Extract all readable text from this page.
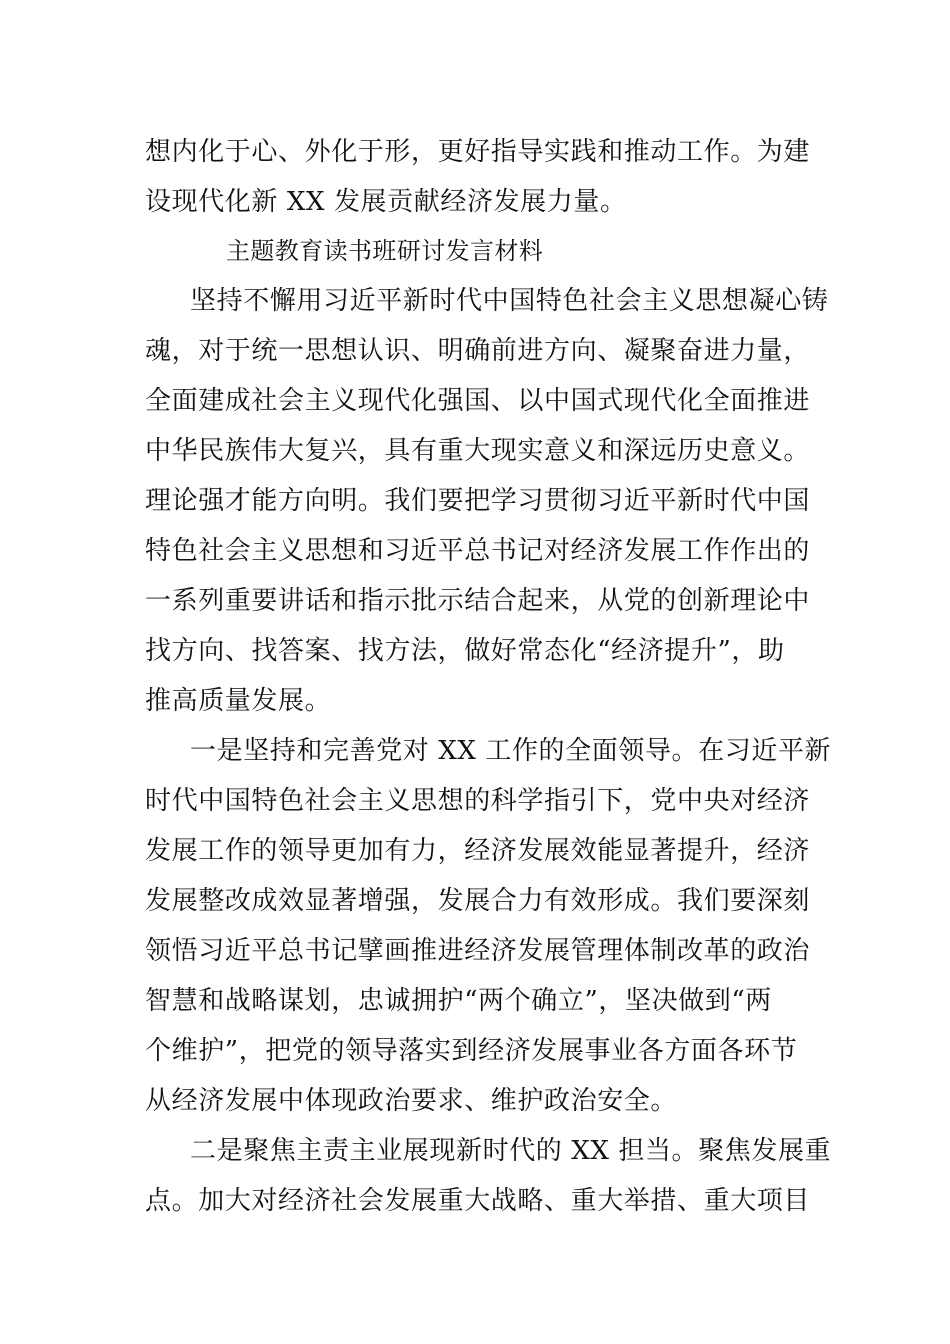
想内化于心、外化于形，更好指导实践和推动工作。为建
设现代化新 XX 发展贡献经济发展力量。
主题教育读书班研讨发言材料
坚持不懈用习近平新时代中国特色社会主义思想凝心铸
魂，对于统一思想认识、明确前进方向、凝聚奋进力量，
全面建成社会主义现代化强国、以中国式现代化全面推进
中华民族伟大复兴，具有重大现实意义和深远历史意义。
理论强才能方向明。我们要把学习贯彻习近平新时代中国
特色社会主义思想和习近平总书记对经济发展工作作出的
一系列重要讲话和指示批示结合起来，从党的创新理论中
找方向、找答案、找方法，做好常态化“经济提升”，助
推高质量发展。
一是坚持和完善党对 XX 工作的全面领导。在习近平新
时代中国特色社会主义思想的科学指引下，党中央对经济
发展工作的领导更加有力，经济发展效能显著提升，经济
发展整改成效显著增强，发展合力有效形成。我们要深刻
领悟习近平总书记擘画推进经济发展管理体制改革的政治
智慧和战略谋划，忠诚拥护“两个确立”，坚决做到“两
个维护”，把党的领导落实到经济发展事业各方面各环节
从经济发展中体现政治要求、维护政治安全。
二是聚焦主责主业展现新时代的 XX 担当。聚焦发展重
点。加大对经济社会发展重大战略、重大举措、重大项目
